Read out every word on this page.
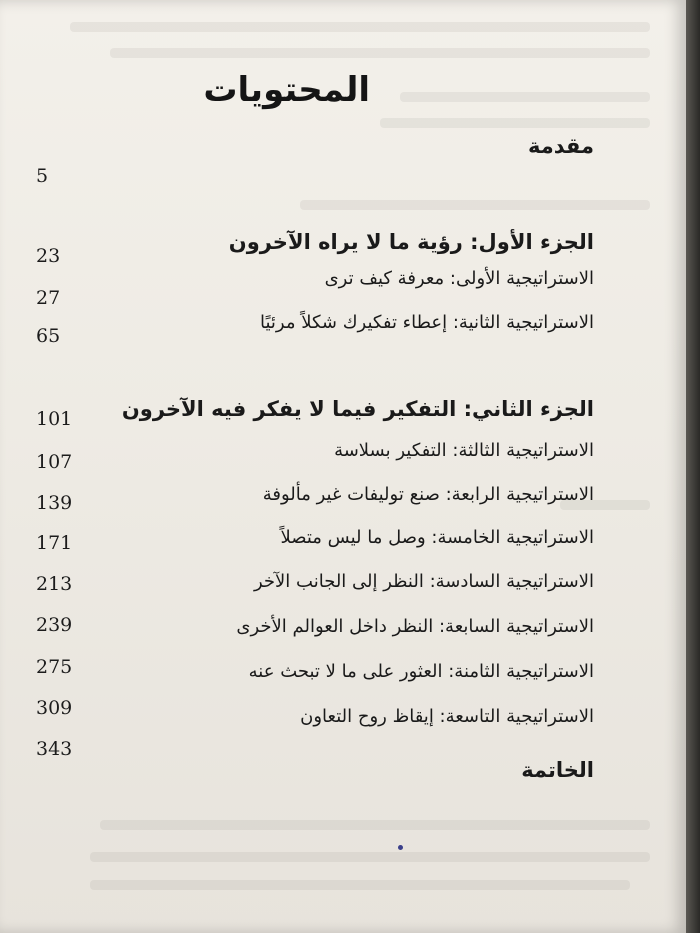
المحتويات
مقدمة
5
الجزء الأول: رؤية ما لا يراه الآخرون
23
الاستراتيجية الأولى: معرفة كيف ترى
27
الاستراتيجية الثانية: إعطاء تفكيرك شكلاً مرئيًا
65
الجزء الثاني: التفكير فيما لا يفكر فيه الآخرون
101
الاستراتيجية الثالثة: التفكير بسلاسة
107
الاستراتيجية الرابعة: صنع توليفات غير مألوفة
139
الاستراتيجية الخامسة: وصل ما ليس متصلاً
171
الاستراتيجية السادسة: النظر إلى الجانب الآخر
213
الاستراتيجية السابعة: النظر داخل العوالم الأخرى
239
الاستراتيجية الثامنة: العثور على ما لا تبحث عنه
275
الاستراتيجية التاسعة: إيقاظ روح التعاون
309
الخاتمة
343
